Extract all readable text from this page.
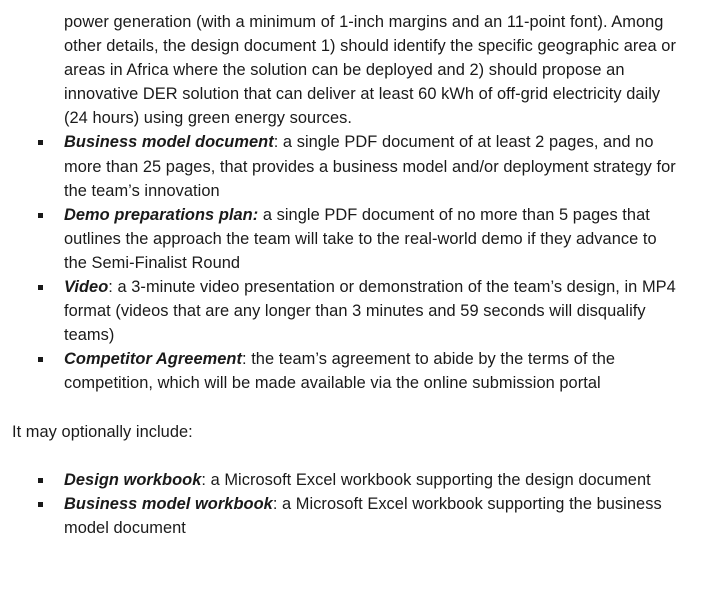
power generation (with a minimum of 1-inch margins and an 11-point font). Among other details, the design document 1) should identify the specific geographic area or areas in Africa where the solution can be deployed and 2) should propose an innovative DER solution that can deliver at least 60 kWh of off-grid electricity daily (24 hours) using green energy sources.

Business model document: a single PDF document of at least 2 pages, and no more than 25 pages, that provides a business model and/or deployment strategy for the team’s innovation
Demo preparations plan: a single PDF document of no more than 5 pages that outlines the approach the team will take to the real-world demo if they advance to the Semi-Finalist Round
Video: a 3-minute video presentation or demonstration of the team’s design, in MP4 format (videos that are any longer than 3 minutes and 59 seconds will disqualify teams)
Competitor Agreement: the team’s agreement to abide by the terms of the competition, which will be made available via the online submission portal

It may optionally include:

Design workbook: a Microsoft Excel workbook supporting the design document
Business model workbook: a Microsoft Excel workbook supporting the business model document
